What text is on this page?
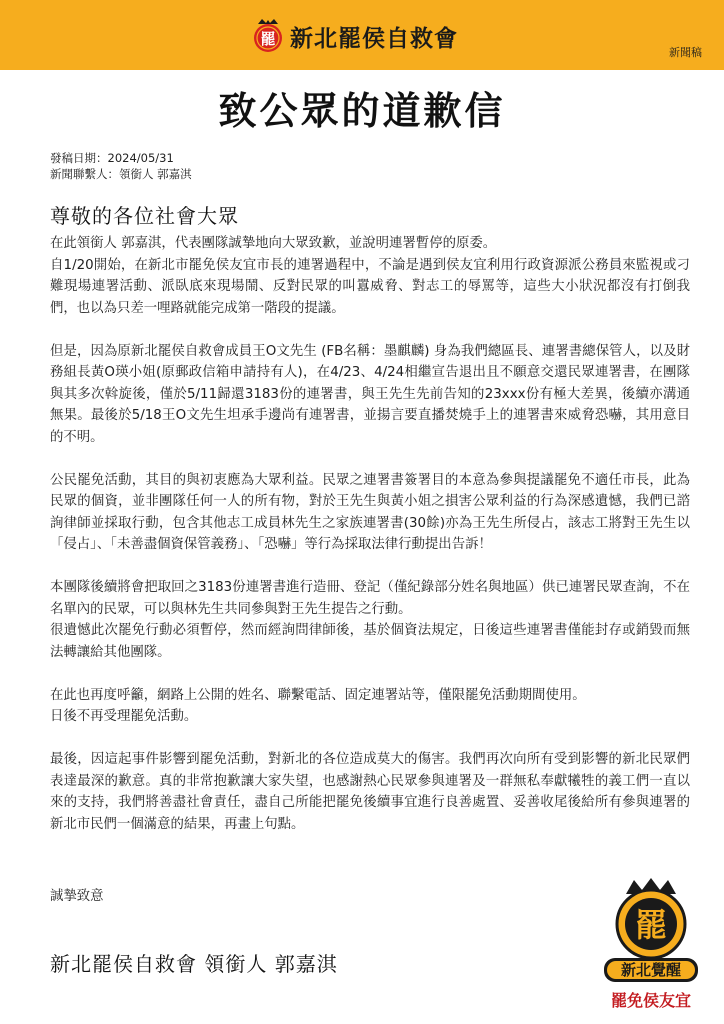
罷 新北罷侯自救會
新聞稿
致公眾的道歉信
發稿日期：2024/05/31
新聞聯繫人：領銜人 郭嘉淇
尊敬的各位社會大眾

在此領銜人 郭嘉淇，代表團隊誠摯地向大眾致歉，並說明連署暫停的原委。

自1/20開始，在新北市罷免侯友宜市長的連署過程中，不論是遇到侯友宜利用行政資源派公務員來監視或刁難現場連署活動、派臥底來現場鬧、反對民眾的叫囂威脅、對志工的辱罵等，這些大小狀況都沒有打倒我們，也以為只差一哩路就能完成第一階段的提議。

但是，因為原新北罷侯自救會成員王O文先生 (FB名稱：墨麒麟) 身為我們總區長、連署書總保管人，以及財務組長黃O瑛小姐(原郵政信箱申請持有人)，在4/23、4/24相繼宣告退出且不願意交還民眾連署書，在團隊與其多次斡旋後，僅於5/11歸還3183份的連署書，與王先生先前告知的23xxx份有極大差異，後續亦溝通無果。最後於5/18王O文先生坦承手邊尚有連署書，並揚言要直播焚燒手上的連署書來威脅恐嚇，其用意目的不明。

公民罷免活動，其目的與初衷應為大眾利益。民眾之連署書簽署目的本意為參與提議罷免不適任市長，此為民眾的個資，並非團隊任何一人的所有物，對於王先生與黃小姐之損害公眾利益的行為深感遺憾，我們已諮詢律師並採取行動，包含其他志工成員林先生之家族連署書(30餘)亦為王先生所侵占，該志工將對王先生以「侵占」、「未善盡個資保管義務」、「恐嚇」等行為採取法律行動提出告訴！

本團隊後續將會把取回之3183份連署書進行造冊、登記（僅紀錄部分姓名與地區）供已連署民眾查詢，不在名單內的民眾，可以與林先生共同參與對王先生提告之行動。

很遺憾此次罷免行動必須暫停，然而經詢問律師後，基於個資法規定，日後這些連署書僅能封存或銷毀而無法轉讓給其他團隊。

在此也再度呼籲，網路上公開的姓名、聯繫電話、固定連署站等，僅限罷免活動期間使用。

日後不再受理罷免活動。

最後，因這起事件影響到罷免活動，對新北的各位造成莫大的傷害。我們再次向所有受到影響的新北民眾們表達最深的歉意。真的非常抱歉讓大家失望，也感謝熱心民眾參與連署及一群無私奉獻犧牲的義工們一直以來的支持，我們將善盡社會責任，盡自己所能把罷免後續事宜進行良善處置、妥善收尾後給所有參與連署的新北市民們一個滿意的結果，再畫上句點。

誠摯致意
新北罷侯自救會 領銜人 郭嘉淇
罷
新北覺醒
罷免侯友宜
